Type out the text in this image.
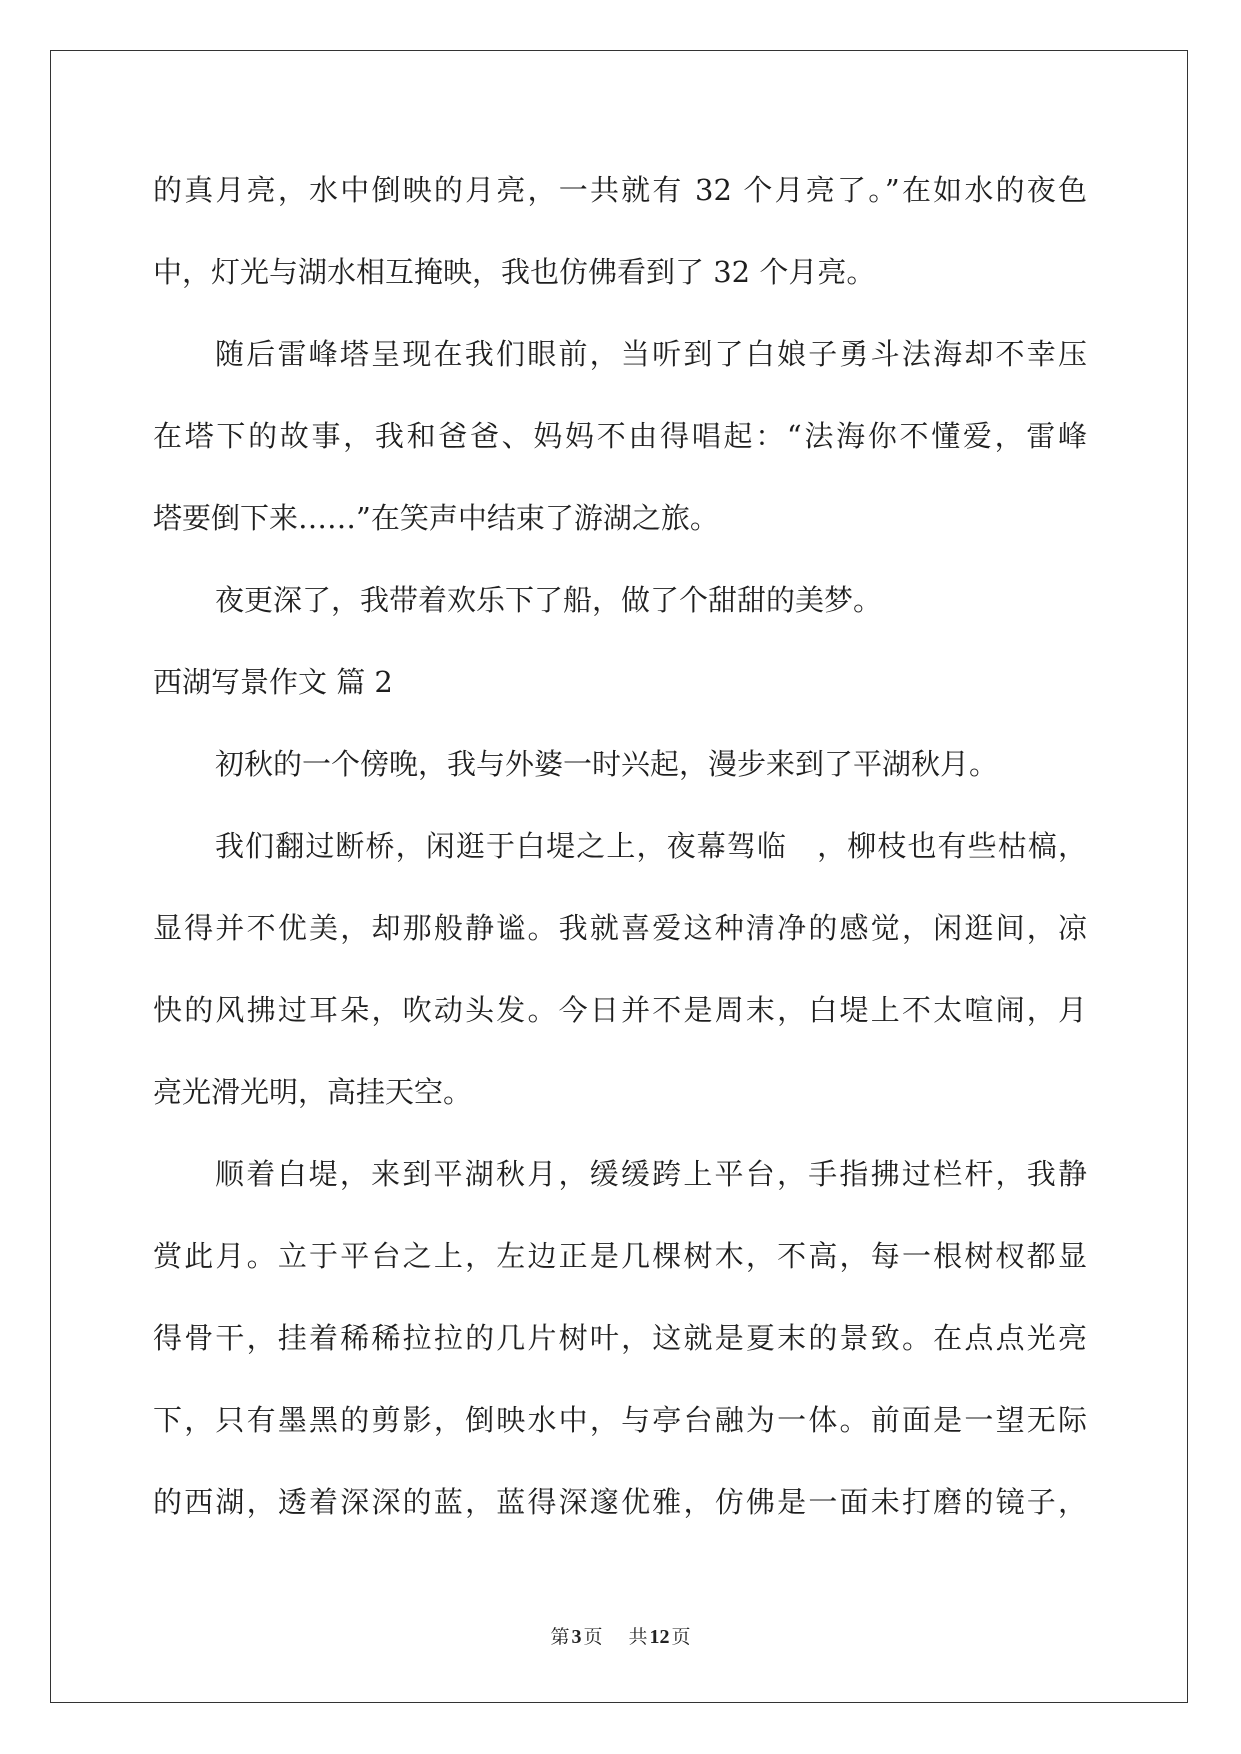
的真月亮，水中倒映的月亮，一共就有 32 个月亮了。”在如水的夜色
中，灯光与湖水相互掩映，我也仿佛看到了 32 个月亮。
随后雷峰塔呈现在我们眼前，当听到了白娘子勇斗法海却不幸压
在塔下的故事，我和爸爸、妈妈不由得唱起：“法海你不懂爱，雷峰
塔要倒下来……”在笑声中结束了游湖之旅。
夜更深了，我带着欢乐下了船，做了个甜甜的美梦。
西湖写景作文 篇 2
初秋的一个傍晚，我与外婆一时兴起，漫步来到了平湖秋月。
我们翻过断桥，闲逛于白堤之上，夜幕驾临　，柳枝也有些枯槁，
显得并不优美，却那般静谧。我就喜爱这种清净的感觉，闲逛间，凉
快的风拂过耳朵，吹动头发。今日并不是周末，白堤上不太喧闹，月
亮光滑光明，高挂天空。
顺着白堤，来到平湖秋月，缓缓跨上平台，手指拂过栏杆，我静
赏此月。立于平台之上，左边正是几棵树木，不高，每一根树杈都显
得骨干，挂着稀稀拉拉的几片树叶，这就是夏末的景致。在点点光亮
下，只有墨黑的剪影，倒映水中，与亭台融为一体。前面是一望无际
的西湖，透着深深的蓝，蓝得深邃优雅，仿佛是一面未打磨的镜子，
第 3 页 共 12 页
